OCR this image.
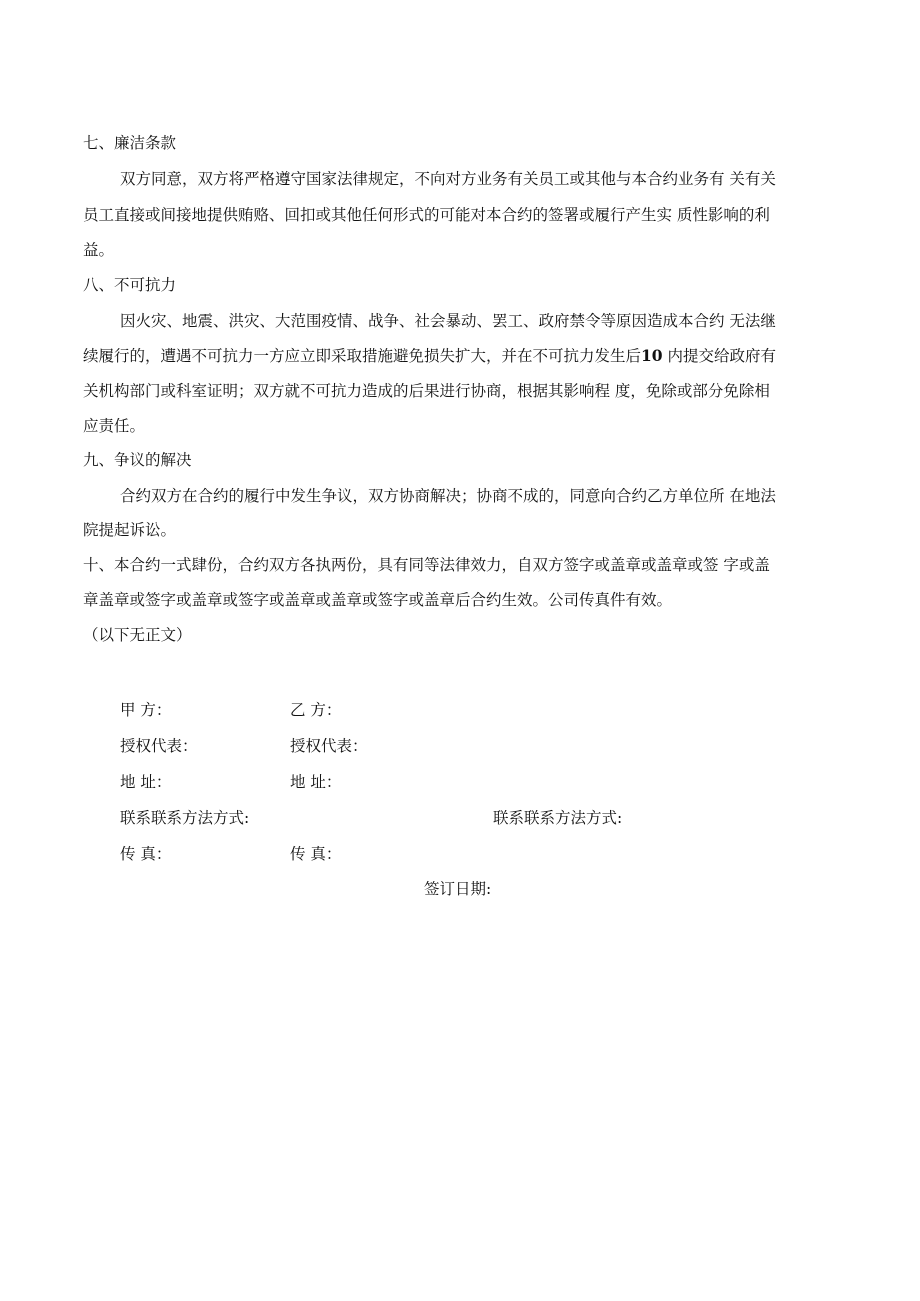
七、廉洁条款
双方同意，双方将严格遵守国家法律规定，不向对方业务有关员工或其他与本合约业务有 关有关
员工直接或间接地提供贿赂、回扣或其他任何形式的可能对本合约的签署或履行产生实 质性影响的利
益。
八、不可抗力
因火灾、地震、洪灾、大范围疫情、战争、社会暴动、罢工、政府禁令等原因造成本合约 无法继
续履行的，遭遇不可抗力一方应立即采取措施避免损失扩大，并在不可抗力发生后10 内提交给政府有
关机构部门或科室证明；双方就不可抗力造成的后果进行协商，根据其影响程 度，免除或部分免除相
应责任。
九、争议的解决
合约双方在合约的履行中发生争议，双方协商解决；协商不成的，同意向合约乙方单位所 在地法
院提起诉讼。
十、本合约一式肆份，合约双方各执两份，具有同等法律效力，自双方签字或盖章或盖章或签 字或盖
章盖章或签字或盖章或签字或盖章或盖章或签字或盖章后合约生效。公司传真件有效。
（以下无正文）
甲 方：	乙 方：
授权代表：	授权代表：
地 址：	地 址：
联系联系方法方式:	联系联系方法方式:
传 真：	传 真：
签订日期:
